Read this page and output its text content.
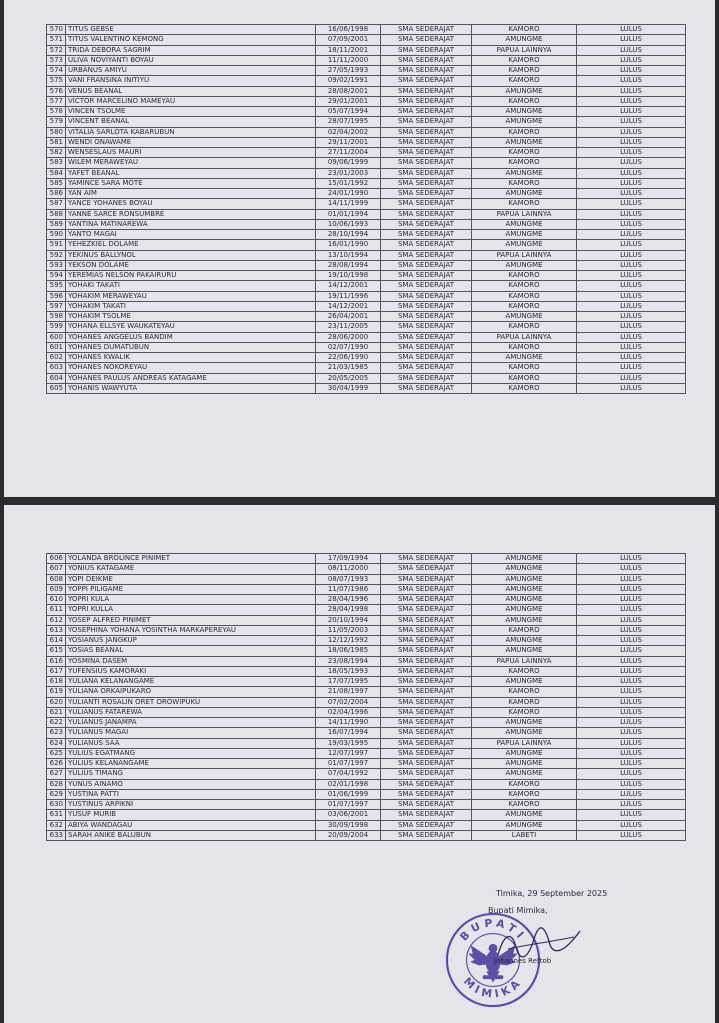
570	TITUS GEBSE	16/06/1998	SMA SEDERAJAT	KAMORO	LULUS
571	TITUS VALENTINO KEMONG	07/09/2001	SMA SEDERAJAT	AMUNGME	LULUS
572	TRIDA DEBORA SAGRIM	18/11/2001	SMA SEDERAJAT	PAPUA LAINNYA	LULUS
573	ULIVA NOVIYANTI BOYAU	11/11/2000	SMA SEDERAJAT	KAMORO	LULUS
574	URBANUS AMIYU	27/05/1993	SMA SEDERAJAT	KAMORO	LULUS
575	VANI FRANSINA INITIYU	09/02/1991	SMA SEDERAJAT	KAMORO	LULUS
576	VENUS BEANAL	28/08/2001	SMA SEDERAJAT	AMUNGME	LULUS
577	VICTOR MARCELINO MAMEYAU	29/01/2001	SMA SEDERAJAT	KAMORO	LULUS
578	VINCEN TSOLME	05/07/1994	SMA SEDERAJAT	AMUNGME	LULUS
579	VINCENT BEANAL	28/07/1995	SMA SEDERAJAT	AMUNGME	LULUS
580	VITALIA SARLOTA KABARUBUN	02/04/2002	SMA SEDERAJAT	KAMORO	LULUS
581	WENDI ONAWAME	29/11/2001	SMA SEDERAJAT	AMUNGME	LULUS
582	WENSESLAUS MAURI	27/11/2004	SMA SEDERAJAT	KAMORO	LULUS
583	WILEM MERAWEYAU	09/06/1999	SMA SEDERAJAT	KAMORO	LULUS
584	YAFET BEANAL	23/01/2003	SMA SEDERAJAT	AMUNGME	LULUS
585	YAMINCE SARA MOTE	15/01/1992	SMA SEDERAJAT	KAMORO	LULUS
586	YAN AIM	24/01/1990	SMA SEDERAJAT	AMUNGME	LULUS
587	YANCE YOHANES BOYAU	14/11/1999	SMA SEDERAJAT	KAMORO	LULUS
588	YANNE SARCE RONSUMBRE	01/01/1994	SMA SEDERAJAT	PAPUA LAINNYA	LULUS
589	YANTINA MATINAREWA	10/06/1993	SMA SEDERAJAT	AMUNGME	LULUS
590	YANTO MAGAI	28/10/1994	SMA SEDERAJAT	AMUNGME	LULUS
591	YEHEZKIEL DOLAME	16/01/1990	SMA SEDERAJAT	AMUNGME	LULUS
592	YEKINUS BALLYNOL	13/10/1994	SMA SEDERAJAT	PAPUA LAINNYA	LULUS
593	YEKSON DOLAME	28/08/1994	SMA SEDERAJAT	AMUNGME	LULUS
594	YEREMIAS NELSON PAKAIRURU	19/10/1998	SMA SEDERAJAT	KAMORO	LULUS
595	YOHAKI TAKATI	14/12/2001	SMA SEDERAJAT	KAMORO	LULUS
596	YOHAKIM MERAWEYAU	19/11/1996	SMA SEDERAJAT	KAMORO	LULUS
597	YOHAKIM TAKATI	14/12/2001	SMA SEDERAJAT	KAMORO	LULUS
598	YOHAKIM TSOLME	26/04/2001	SMA SEDERAJAT	AMUNGME	LULUS
599	YOHANA ELLSYE WAUKATEYAU	23/11/2005	SMA SEDERAJAT	KAMORO	LULUS
600	YOHANES ANGGELUS BANDIM	28/06/2000	SMA SEDERAJAT	PAPUA LAINNYA	LULUS
601	YOHANES DUMATUBUN	02/07/1990	SMA SEDERAJAT	KAMORO	LULUS
602	YOHANES KWALIK	22/06/1990	SMA SEDERAJAT	AMUNGME	LULUS
603	YOHANES NOKOREYAU	21/03/1985	SMA SEDERAJAT	KAMORO	LULUS
604	YOHANES PAULUS ANDREAS KATAGAME	20/05/2005	SMA SEDERAJAT	KAMORO	LULUS
605	YOHANIS WAWYUTA	30/04/1999	SMA SEDERAJAT	KAMORO	LULUS
606	YOLANDA BROLINCE PINIMET	17/09/1994	SMA SEDERAJAT	AMUNGME	LULUS
607	YONIUS KATAGAME	08/11/2000	SMA SEDERAJAT	AMUNGME	LULUS
608	YOPI DEIKME	08/07/1993	SMA SEDERAJAT	AMUNGME	LULUS
609	YOPPI PILIGAME	11/07/1986	SMA SEDERAJAT	AMUNGME	LULUS
610	YOPRI KULA	28/04/1996	SMA SEDERAJAT	AMUNGME	LULUS
611	YOPRI KULLA	28/04/1998	SMA SEDERAJAT	AMUNGME	LULUS
612	YOSEP ALFRED PINIMET	20/10/1994	SMA SEDERAJAT	AMUNGME	LULUS
613	YOSEPHINA YOHANA YOSINTHA MARKAPEREYAU	11/05/2003	SMA SEDERAJAT	KAMORO	LULUS
614	YOSIANUS JANGKUP	12/12/1992	SMA SEDERAJAT	AMUNGME	LULUS
615	YOSIAS BEANAL	18/06/1985	SMA SEDERAJAT	AMUNGME	LULUS
616	YOSMINA DASEM	23/08/1994	SMA SEDERAJAT	PAPUA LAINNYA	LULUS
617	YUFENSIUS KAMORAKI	18/05/1993	SMA SEDERAJAT	KAMORO	LULUS
618	YULIANA KELANANGAME	17/07/1995	SMA SEDERAJAT	AMUNGME	LULUS
619	YULIANA ORKAIPUKARO	21/08/1997	SMA SEDERAJAT	KAMORO	LULUS
620	YULIANTI ROSALIN ORET OROWIPUKU	07/02/2004	SMA SEDERAJAT	KAMORO	LULUS
621	YULIANUS FATAREWA	02/04/1996	SMA SEDERAJAT	KAMORO	LULUS
622	YULIANUS JANAMPA	14/11/1990	SMA SEDERAJAT	AMUNGME	LULUS
623	YULIANUS MAGAI	16/07/1994	SMA SEDERAJAT	AMUNGME	LULUS
624	YULIANUS SAA	19/03/1995	SMA SEDERAJAT	PAPUA LAINNYA	LULUS
625	YULIUS EGATMANG	12/07/1997	SMA SEDERAJAT	AMUNGME	LULUS
626	YULIUS KELANANGAME	01/07/1997	SMA SEDERAJAT	AMUNGME	LULUS
627	YULIUS TIMANG	07/04/1992	SMA SEDERAJAT	AMUNGME	LULUS
628	YUNUS AINAMO	02/01/1998	SMA SEDERAJAT	KAMORO	LULUS
629	YUSTINA PATTI	01/06/1999	SMA SEDERAJAT	KAMORO	LULUS
630	YUSTINUS ARPIKNI	01/07/1997	SMA SEDERAJAT	KAMORO	LULUS
631	YUSUF MURIB	03/06/2001	SMA SEDERAJAT	AMUNGME	LULUS
632	ABIYA WANDAGAU	30/09/1998	SMA SEDERAJAT	AMUNGME	LULUS
633	SARAH ANIKE BALUBUN	20/09/2004	SMA SEDERAJAT	LABETI	LULUS
Timika, 29 September 2025
Bupati Mimika,
BUPATI
MIMIKA
Johannes Rettob
